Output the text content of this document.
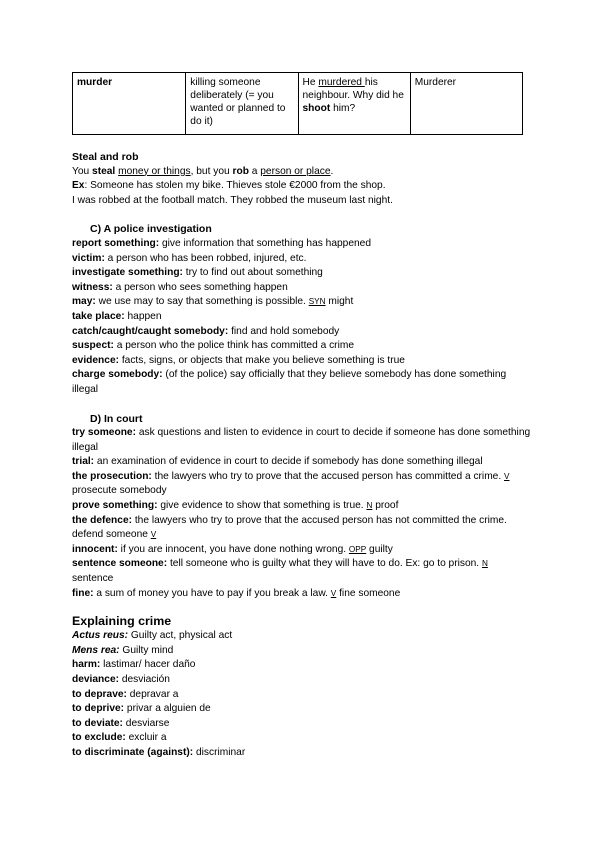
murder	killing someone deliberately (= you wanted or planned to do it)	He murdered his neighbour. Why did he shoot him?	Murderer
Steal and rob
You steal money or things, but you rob a person or place.
Ex: Someone has stolen my bike. Thieves stole €2000 from the shop.
I was robbed at the football match. They robbed the museum last night.
C) A police investigation
report something: give information that something has happened
victim: a person who has been robbed, injured, etc.
investigate something: try to find out about something
witness: a person who sees something happen
may: we use may to say that something is possible. SYN might
take place: happen
catch/caught/caught somebody: find and hold somebody
suspect: a person who the police think has committed a crime
evidence: facts, signs, or objects that make you believe something is true
charge somebody: (of the police) say officially that they believe somebody has done something illegal
D) In court
try someone: ask questions and listen to evidence in court to decide if someone has done something illegal
trial: an examination of evidence in court to decide if somebody has done something illegal
the prosecution: the lawyers who try to prove that the accused person has committed a crime. V prosecute somebody
prove something: give evidence to show that something is true. N proof
the defence: the lawyers who try to prove that the accused person has not committed the crime. defend someone V
innocent: if you are innocent, you have done nothing wrong. OPP guilty
sentence someone: tell someone who is guilty what they will have to do. Ex: go to prison. N sentence
fine: a sum of money you have to pay if you break a law. V fine someone
Explaining crime
Actus reus: Guilty act, physical act
Mens rea: Guilty mind
harm: lastimar/ hacer daño
deviance: desviación
to deprave: depravar a
to deprive: privar a alguien de
to deviate: desviarse
to exclude: excluir a
to discriminate (against): discriminar
